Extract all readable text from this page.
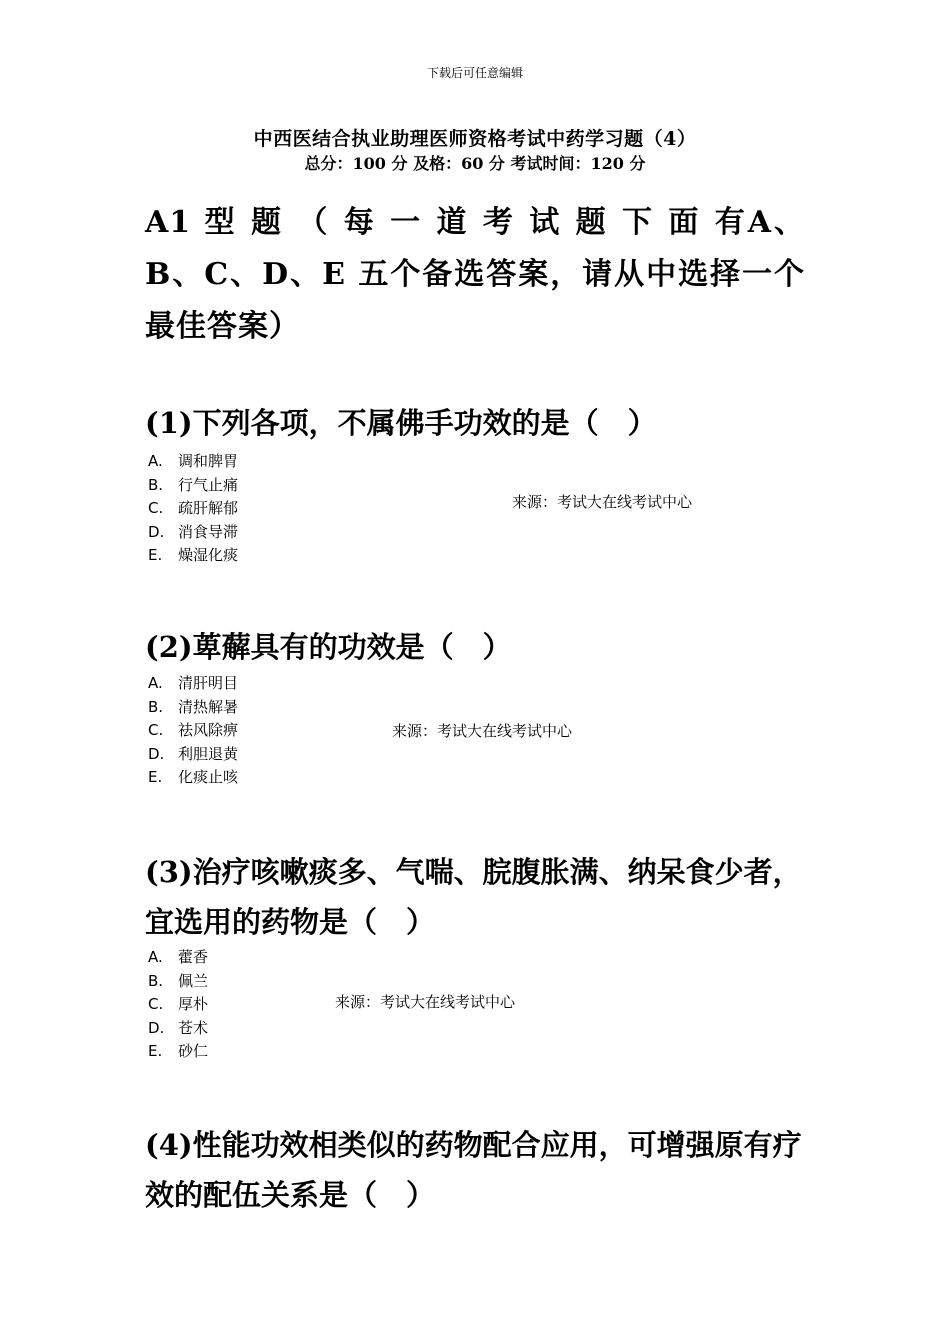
下载后可任意编辑
中西医结合执业助理医师资格考试中药学习题（4）
总分：100 分 及格：60 分 考试时间：120 分
A1 型 题 （ 每 一 道 考 试 题 下 面 有A、B、C、D、E 五个备选答案，请从中选择一个最佳答案）
(1)下列各项，不属佛手功效的是（　）
A. 调和脾胃
B. 行气止痛
C. 疏肝解郁
D. 消食导滞
E. 燥湿化痰
来源：考试大在线考试中心
(2)萆薢具有的功效是（　）
A. 清肝明目
B. 清热解暑
C. 祛风除痹
D. 利胆退黄
E. 化痰止咳
来源：考试大在线考试中心
(3)治疗咳嗽痰多、气喘、脘腹胀满、纳呆食少者，宜选用的药物是（　）
A. 藿香
B. 佩兰
C. 厚朴
D. 苍术
E. 砂仁
来源：考试大在线考试中心
(4)性能功效相类似的药物配合应用，可增强原有疗效的配伍关系是（　）
